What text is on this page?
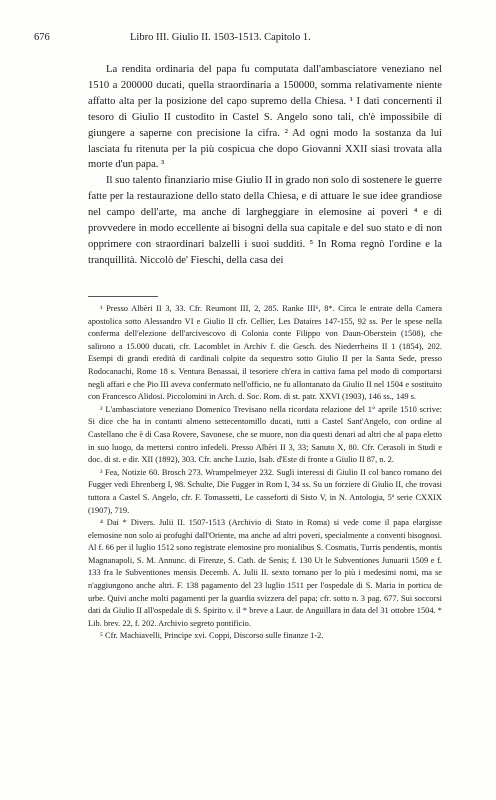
676	Libro III. Giulio II. 1503-1513. Capitolo 1.

La rendita ordinaria del papa fu computata dall'ambasciatore veneziano nel 1510 a 200000 ducati, quella straordinaria a 150000, somma relativamente niente affatto alta per la posizione del capo supremo della Chiesa. ¹ I dati concernenti il tesoro di Giulio II custodito in Castel S. Angelo sono tali, ch'è impossibile di giungere a saperne con precisione la cifra. ² Ad ogni modo la sostanza da lui lasciata fu ritenuta per la più cospicua che dopo Giovanni XXII siasi trovata alla morte d'un papa. ³

Il suo talento finanziario mise Giulio II in grado non solo di sostenere le guerre fatte per la restaurazione dello stato della Chiesa, e di attuare le sue idee grandiose nel campo dell'arte, ma anche di largheggiare in elemosine ai poveri ⁴ e di provvedere in modo eccellente ai bisogni della sua capitale e del suo stato e di non opprimere con straordinari balzelli i suoi sudditi. ⁵ In Roma regnò l'ordine e la tranquillità. Niccolò de' Fieschi, della casa dei

¹ Presso Albèri II 3, 33. Cfr. Reumont III, 2, 285. Ranke III⁶, 8*. Circa le entrate della Camera apostolica sotto Alessandro VI e Giulio II cfr. Cellier, Les Dataires 147-155, 92 ss. Per le spese nella conferma dell'elezione dell'arcivescovo di Colonia conte Filippo von Daun-Oberstein (1508), che salirono a 15.000 ducati, cfr. Lacomblet in Archiv f. die Gesch. des Niederrheins II 1 (1854), 202. Esempi di grandi eredità di cardinali colpite da sequestro sotto Giulio II per la Santa Sede, presso Rodocanachi, Rome 18 s. Ventura Benassai, il tesoriere ch'era in cattiva fama pel modo di comportarsi negli affari e che Pio III aveva confermato nell'officio, ne fu allontanato da Giulio II nel 1504 e sostituito con Francesco Alidosi. Piccolomini in Arch. d. Soc. Rom. di st. patr. XXVI (1903), 146 ss., 149 s.

² L'ambasciatore veneziano Domenico Trevisano nella ricordata relazione del 1° aprile 1510 scrive: Si dice che ha in contanti almeno settecentomillo ducati, tutti a Castel Sant'Angelo, con ordine al Castellano che è di Casa Rovere, Savonese, che se muore, non dia questi denari ad altri che al papa eletto in suo luogo, da mettersi contro infedeli. Presso Albèri II 3, 33; Sanuto X, 80. Cfr. Cerasoli in Studi e doc. di st. e dir. XII (1892), 303. Cfr. anche Luzio, Isab. d'Este di fronte a Giulio II 87, n. 2.

³ Fea, Notizie 60. Brosch 273. Wrampelmeyer 232. Sugli interessi di Giulio II col banco romano dei Fugger vedi Ehrenberg I, 98. Schulte, Die Fugger in Rom I, 34 ss. Su un forziere di Giulio II, che trovasi tuttora a Castel S. Angelo, cfr. F. Tomassetti, Le casseforti di Sisto V, in N. Antologia, 5ª serie CXXIX (1907), 719.

⁴ Dai * Divers. Julii II. 1507-1513 (Archivio di Stato in Roma) si vede come il papa elargisse elemosine non solo ai profughi dall'Oriente, ma anche ad altri poveri, specialmente a conventi bisognosi. Al f. 66 per il luglio 1512 sono registrate elemosine pro monialibus S. Cosmatis, Turris pendentis, montis Magnanapoli, S. M. Annunc. di Firenze, S. Cath. de Senis; f. 130 Ut le Subventiones Junuarii 1509 e f. 133 fra le Subventiones mensis Decemb. A. Julii II. sexto tornano per lo più i medesimi nomi, ma se n'aggiungono anche altri. F. 138 pagamento del 23 luglio 1511 per l'ospedale di S. Maria in porticu de urbe. Quivi anche molti pagamenti per la guardia svizzera del papa; cfr. sotto n. 3 pag. 677. Sui soccorsi dati da Giulio II all'ospedale di S. Spirito v. il * breve a Laur. de Anguillara in data del 31 ottobre 1504. * Lib. brev. 22, f. 202. Archivio segreto pontificio.

⁵ Cfr. Machiavelli, Principe xvi. Coppi, Discorso sulle finanze 1-2.
